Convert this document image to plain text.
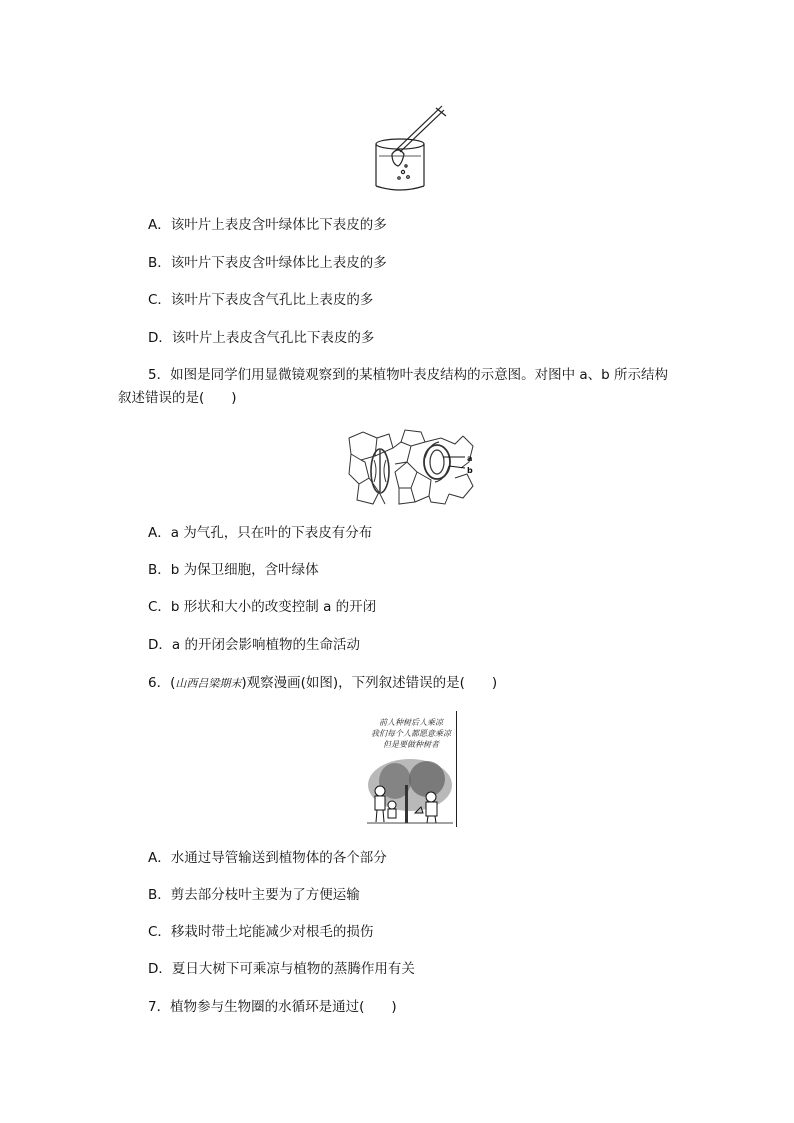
A．该叶片上表皮含叶绿体比下表皮的多
B．该叶片下表皮含叶绿体比上表皮的多
C．该叶片下表皮含气孔比上表皮的多
D．该叶片上表皮含气孔比下表皮的多
5．如图是同学们用显微镜观察到的某植物叶表皮结构的示意图。对图中 a、b 所示结构
叙述错误的是(　　)
a
b
A．a 为气孔，只在叶的下表皮有分布
B．b 为保卫细胞，含叶绿体
C．b 形状和大小的改变控制 a 的开闭
D．a 的开闭会影响植物的生命活动
6．(山西吕梁期末)观察漫画(如图)，下列叙述错误的是(　　)
前人种树后人乘凉
我们每个人都愿意乘凉
但是要做种树者
A．水通过导管输送到植物体的各个部分
B．剪去部分枝叶主要为了方便运输
C．移栽时带土坨能减少对根毛的损伤
D．夏日大树下可乘凉与植物的蒸腾作用有关
7．植物参与生物圈的水循环是通过(　　)
